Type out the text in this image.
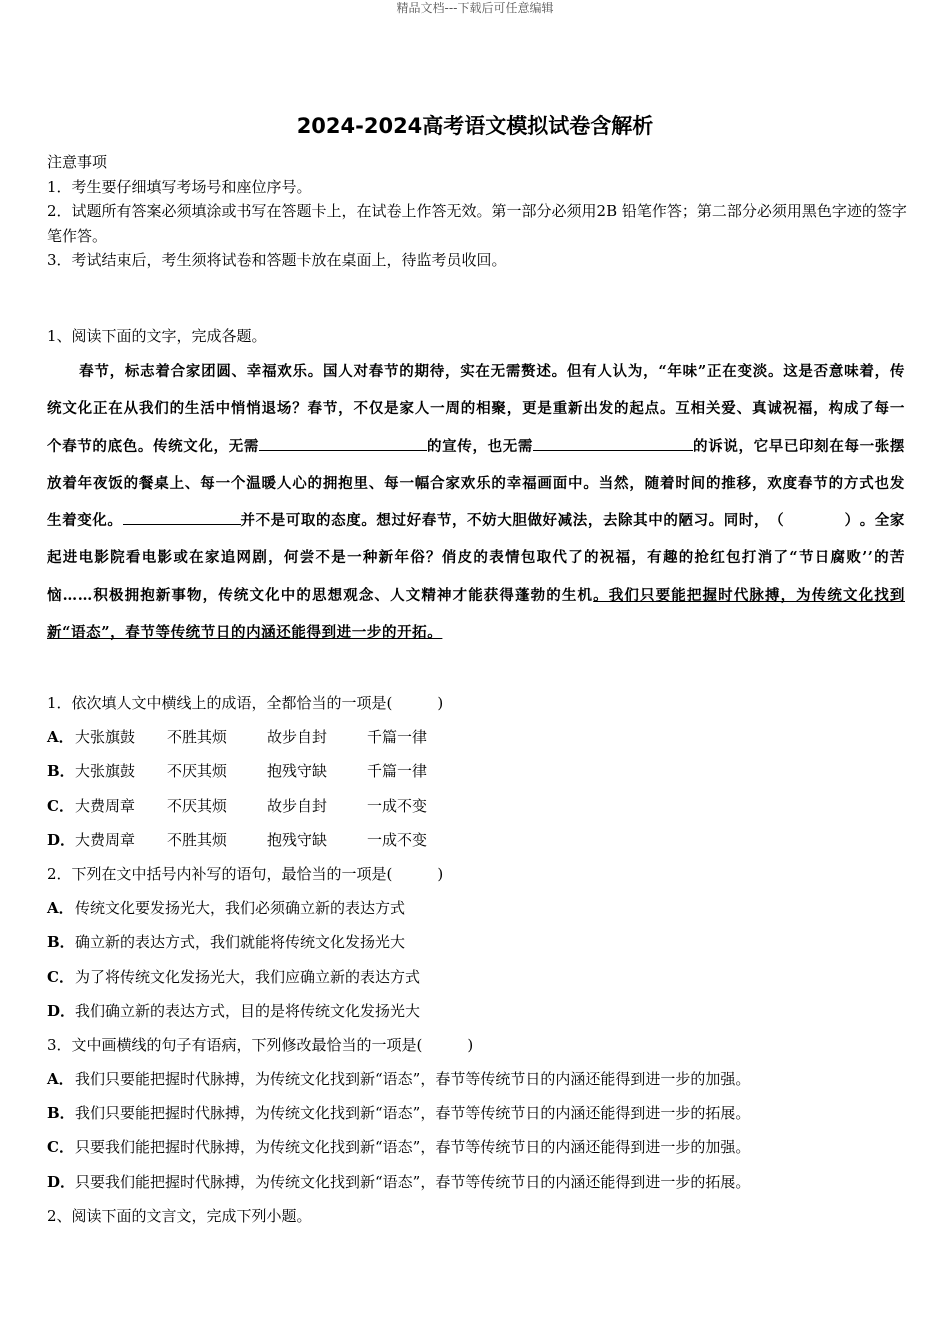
精品文档---下载后可任意编辑
2024-2024高考语文模拟试卷含解析

注意事项

1．考生要仔细填写考场号和座位序号。

2．试题所有答案必须填涂或书写在答题卡上，在试卷上作答无效。第一部分必须用2B 铅笔作答；第二部分必须用黑色字迹的签字笔作答。

3．考试结束后，考生须将试卷和答题卡放在桌面上，待监考员收回。

1、阅读下面的文字，完成各题。
春节，标志着合家团圆、幸福欢乐。国人对春节的期待，实在无需赘述。但有人认为，“年味”正在变淡。这是否意味着，传统文化正在从我们的生活中悄悄退场？春节，不仅是家人一周的相聚，更是重新出发的起点。互相关爱、真诚祝福，构成了每一个春节的底色。传统文化，无需	的宣传，也无需	的诉说，它早已印刻在每一张摆放着年夜饭的餐桌上、每一个温暖人心的拥抱里、每一幅合家欢乐的幸福画面中。当然，随着时间的推移，欢度春节的方式也发生着变化。	并不是可取的态度。想过好春节，不妨大胆做好减法，去除其中的陋习。同时，（　　　　）。全家起进电影院看电影或在家追网剧，何尝不是一种新年俗？俏皮的表情包取代了的祝福，有趣的抢红包打消了“节日腐败’’的苦恼……积极拥抱新事物，传统文化中的思想观念、人文精神才能获得蓬勃的生机。我们只要能把握时代脉搏，为传统文化找到新“语态”，春节等传统节日的内涵还能得到进一步的开拓。
1．依次填人文中横线上的成语，全都恰当的一项是(　　　)
A．大张旗鼓 不胜其烦	故步自封	千篇一律
B．大张旗鼓 不厌其烦	抱残守缺	千篇一律
C．大费周章 不厌其烦	故步自封	一成不变
D．大费周章 不胜其烦	抱残守缺	一成不变
2．下列在文中括号内补写的语句，最恰当的一项是(　　　)
A．传统文化要发扬光大，我们必须确立新的表达方式
B．确立新的表达方式，我们就能将传统文化发扬光大
C．为了将传统文化发扬光大，我们应确立新的表达方式
D．我们确立新的表达方式，目的是将传统文化发扬光大
3．文中画横线的句子有语病，下列修改最恰当的一项是(　　　)
A．我们只要能把握时代脉搏，为传统文化找到新“语态”，春节等传统节日的内涵还能得到进一步的加强。
B．我们只要能把握时代脉搏，为传统文化找到新“语态”，春节等传统节日的内涵还能得到进一步的拓展。
C．只要我们能把握时代脉搏，为传统文化找到新“语态”，春节等传统节日的内涵还能得到进一步的加强。
D．只要我们能把握时代脉搏，为传统文化找到新“语态”，春节等传统节日的内涵还能得到进一步的拓展。
2、阅读下面的文言文，完成下列小题。
